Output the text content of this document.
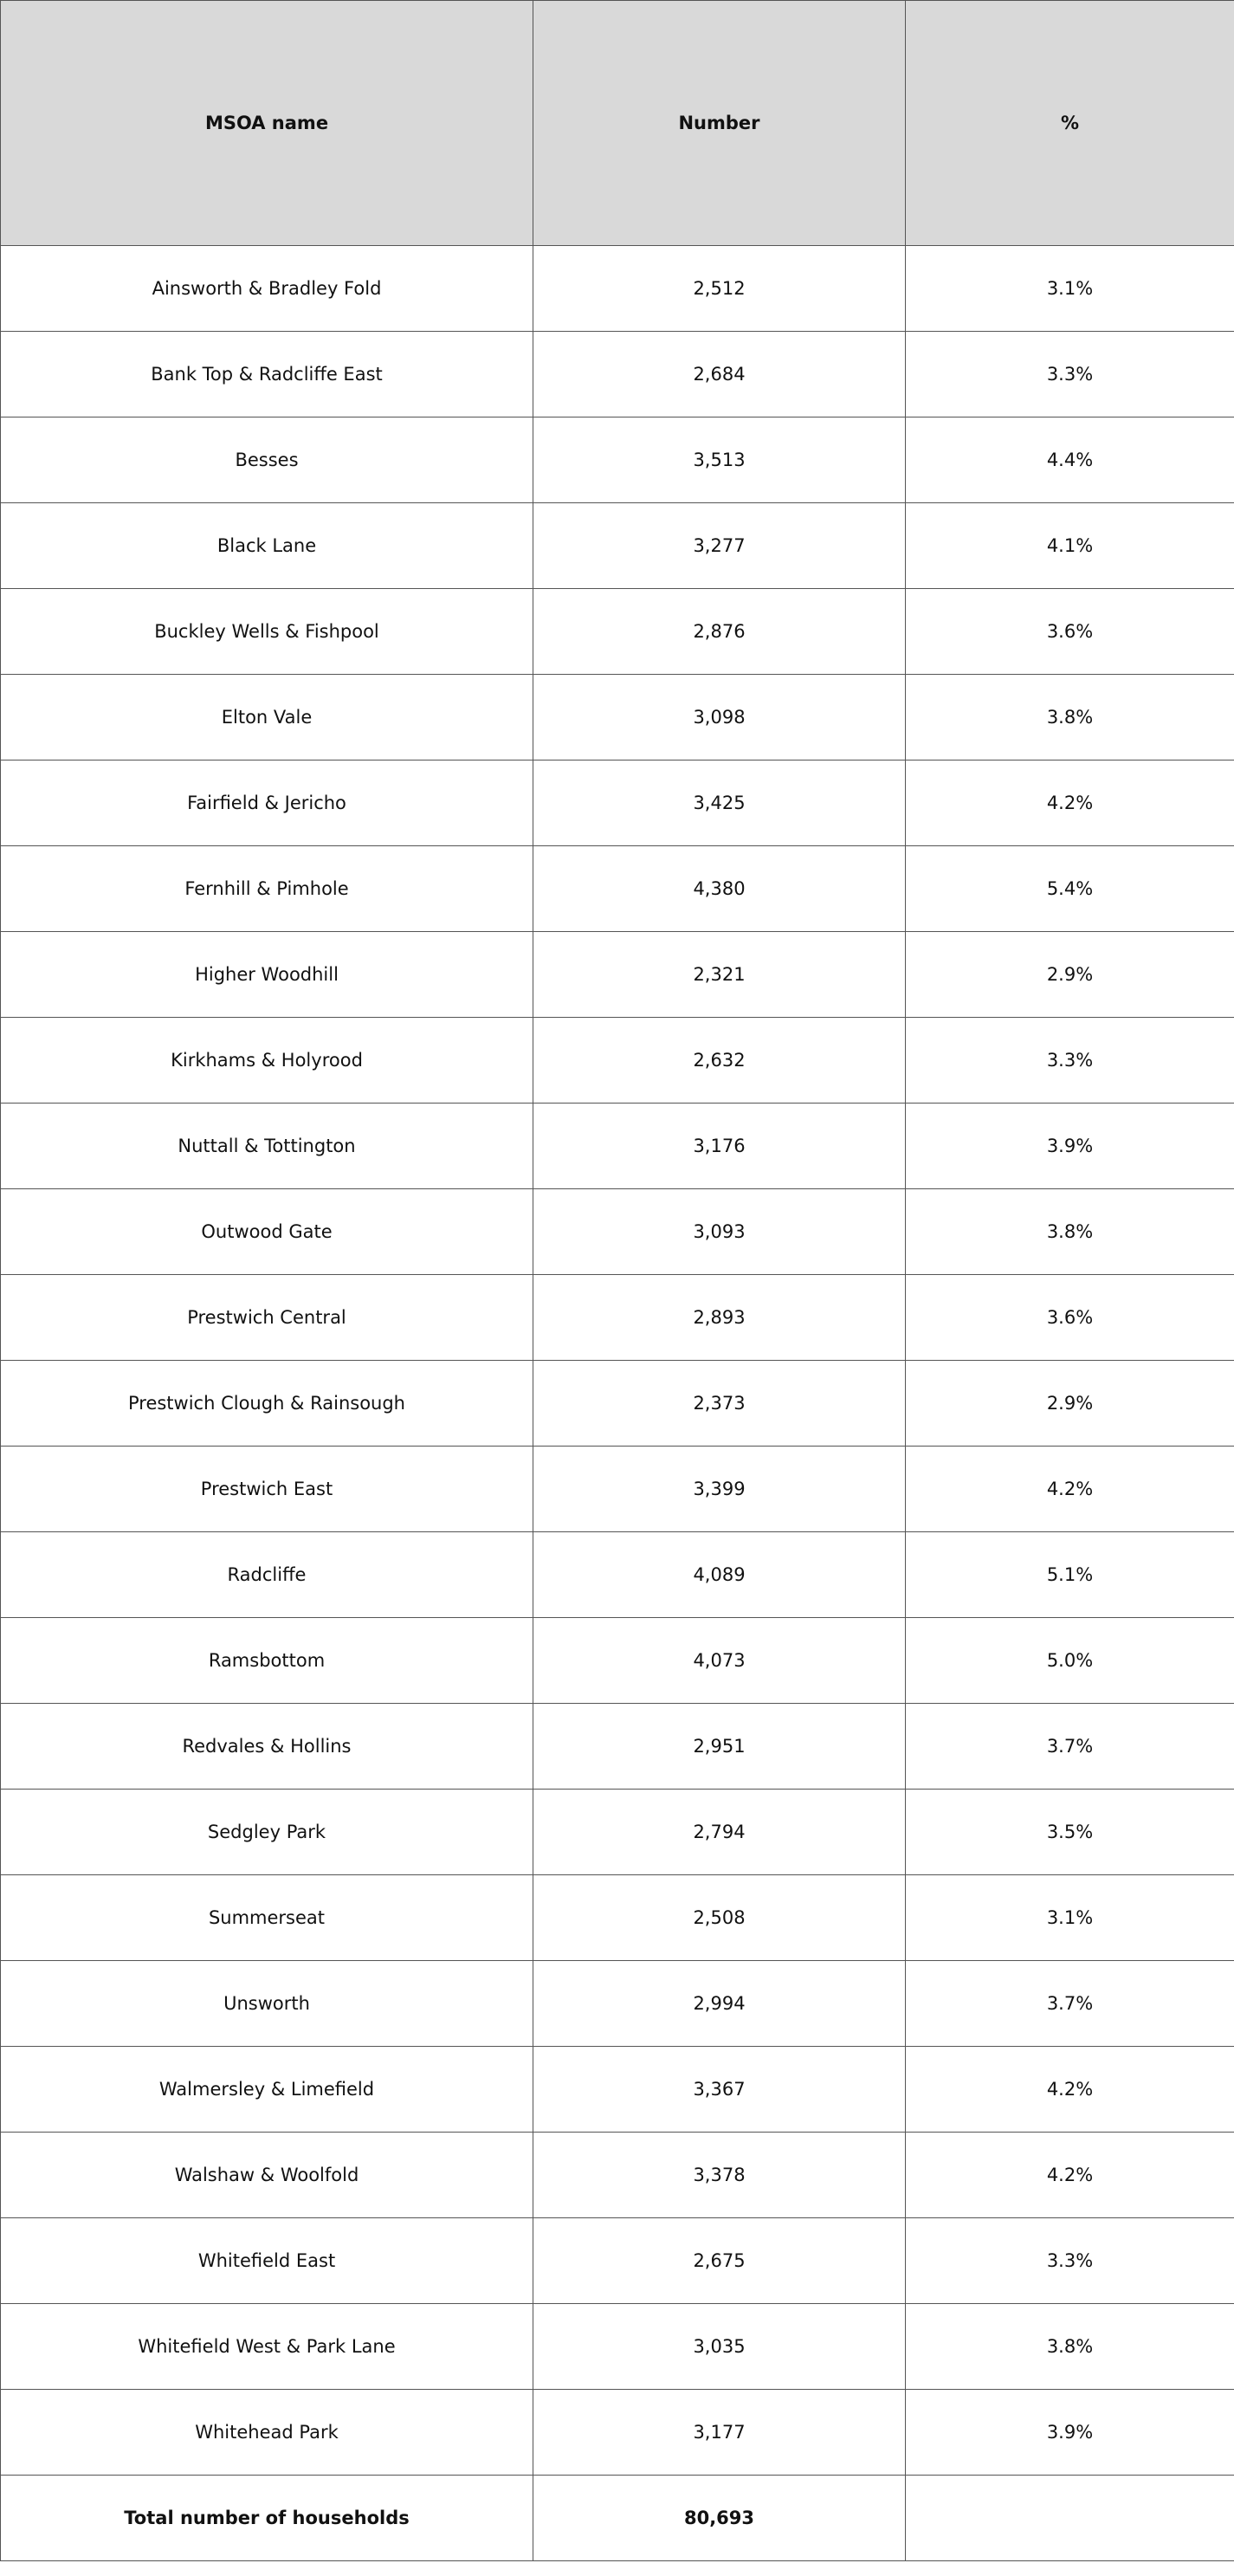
MSOA name	Number	%
Ainsworth & Bradley Fold	2,512	3.1%
Bank Top & Radcliffe East	2,684	3.3%
Besses	3,513	4.4%
Black Lane	3,277	4.1%
Buckley Wells & Fishpool	2,876	3.6%
Elton Vale	3,098	3.8%
Fairfield & Jericho	3,425	4.2%
Fernhill & Pimhole	4,380	5.4%
Higher Woodhill	2,321	2.9%
Kirkhams & Holyrood	2,632	3.3%
Nuttall & Tottington	3,176	3.9%
Outwood Gate	3,093	3.8%
Prestwich Central	2,893	3.6%
Prestwich Clough & Rainsough	2,373	2.9%
Prestwich East	3,399	4.2%
Radcliffe	4,089	5.1%
Ramsbottom	4,073	5.0%
Redvales & Hollins	2,951	3.7%
Sedgley Park	2,794	3.5%
Summerseat	2,508	3.1%
Unsworth	2,994	3.7%
Walmersley & Limefield	3,367	4.2%
Walshaw & Woolfold	3,378	4.2%
Whitefield East	2,675	3.3%
Whitefield West & Park Lane	3,035	3.8%
Whitehead Park	3,177	3.9%
Total number of households	80,693	
